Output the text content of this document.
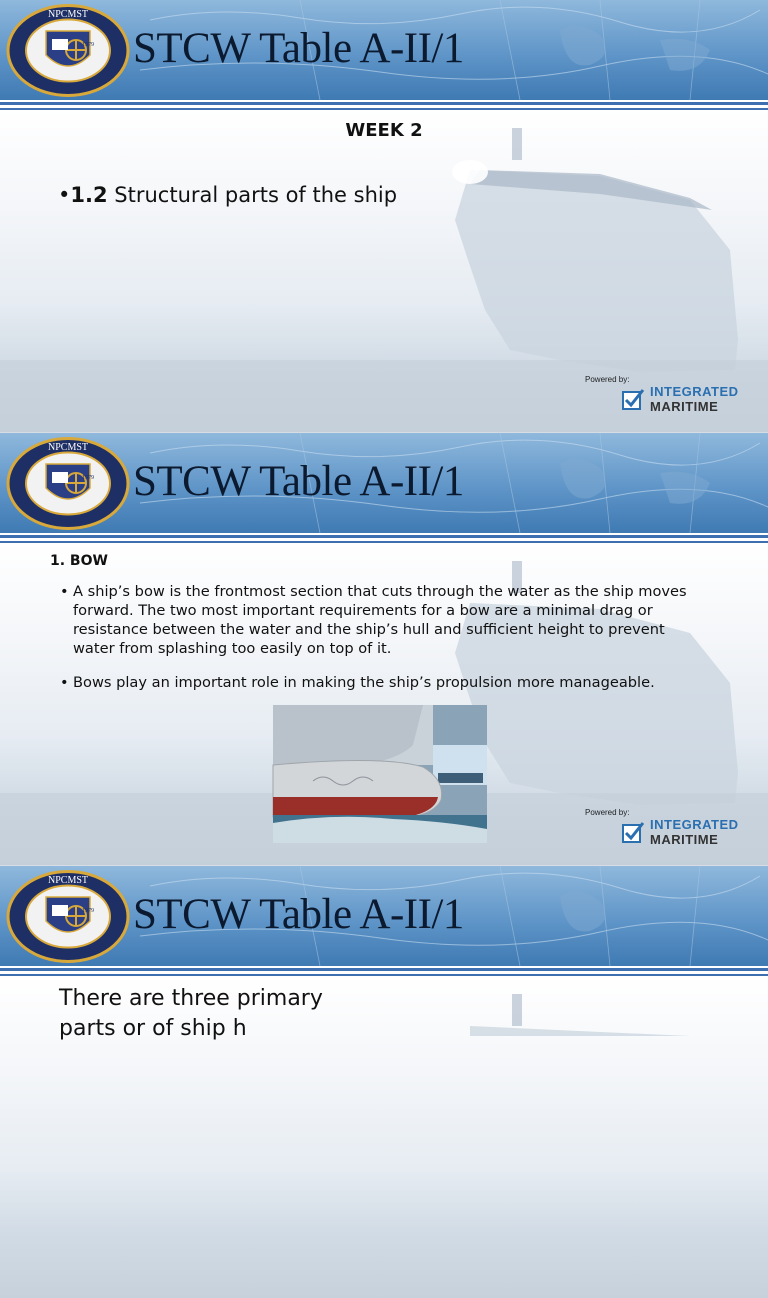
STCW Table A-II/1
NPCMST
1979
WEEK 2
•1.2 Structural parts of the ship
Powered by:
INTEGRATED
MARITIME
STCW Table A-II/1
NPCMST
1979
1. BOW
• A ship’s bow is the frontmost section that cuts through the water as the ship moves forward. The two most important requirements for a bow are a minimal drag or resistance between the water and the ship’s hull and sufficient height to prevent water from splashing too easily on top of it.
• Bows play an important role in making the ship’s propulsion more manageable.
Powered by:
INTEGRATED
MARITIME
STCW Table A-II/1
NPCMST
1979
There are three primary
parts or of ship h
